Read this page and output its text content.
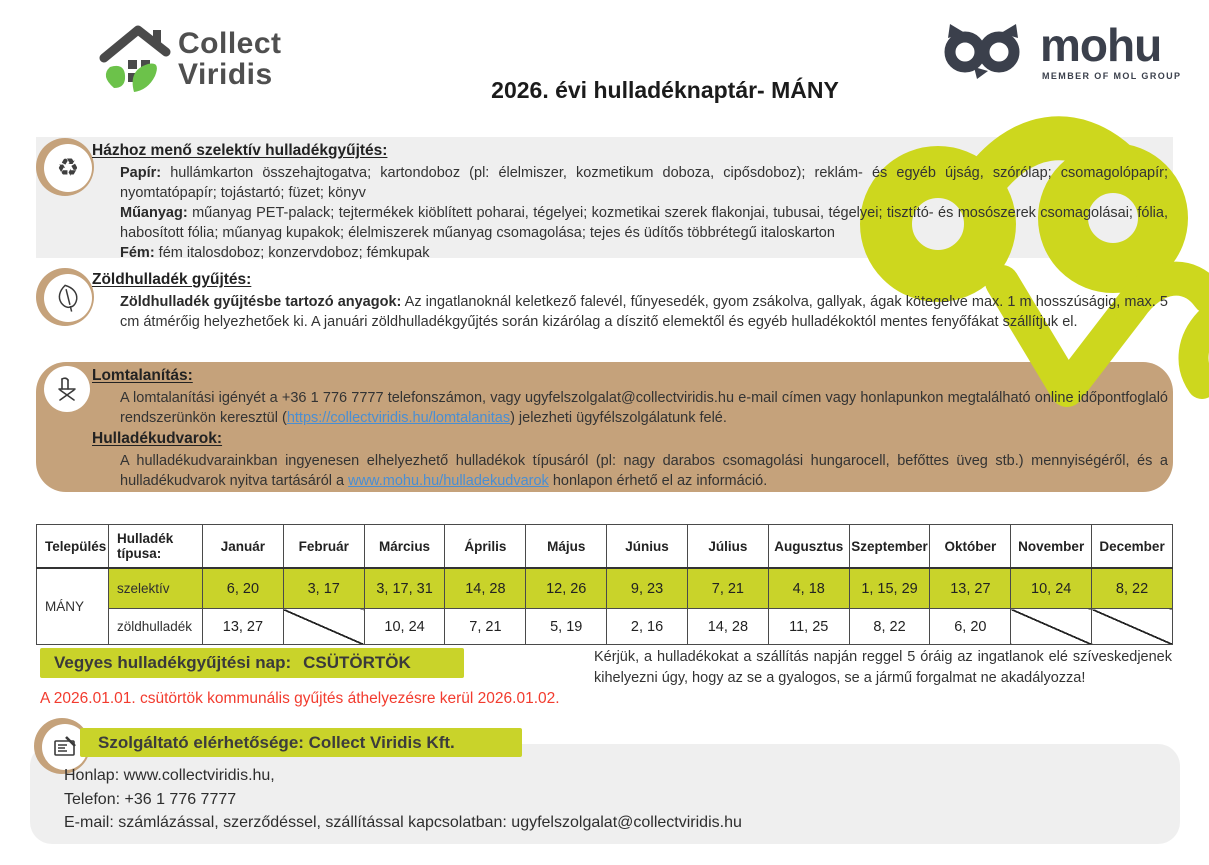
Collect
Viridis	2026. évi hulladéknaptár- MÁNY
mohu
MEMBER OF MOL GROUP
♻
Házhoz menő szelektív hulladékgyűjtés:

Papír: hullámkarton összehajtogatva; kartondoboz (pl: élelmiszer, kozmetikum doboza, cipősdoboz); reklám- és egyéb újság, szórólap; csomagolópapír; nyomtatópapír; tojástartó; füzet; könyv

Műanyag: műanyag PET-palack; tejtermékek kiöblített poharai, tégelyei; kozmetikai szerek flakonjai, tubusai, tégelyei; tisztító- és mosószerek csomagolásai; fólia, habosított fólia; műanyag kupakok; élelmiszerek műanyag csomagolása; tejes és üdítős többrétegű italoskarton

Fém: fém italosdoboz; konzervdoboz; fémkupak

Zöldhulladék gyűjtés:

Zöldhulladék gyűjtésbe tartozó anyagok: Az ingatlanoknál keletkező falevél, fűnyesedék, gyom zsákolva, gallyak, ágak kötegelve max. 1 m hosszúságig, max. 5 cm átmérőig helyezhetőek ki. A januári zöldhulladékgyűjtés során kizárólag a díszitő elemektől és egyéb hulladékoktól mentes fenyőfákat szállítjuk el.

Lomtalanítás:

A lomtalanítási igényét a +36 1 776 7777 telefonszámon, vagy ugyfelszolgalat@collectviridis.hu e-mail címen vagy honlapunkon megtalálható online időpontfoglaló rendszerünkön keresztül (https://collectviridis.hu/lomtalanitas) jelezheti ügyfélszolgálatunk felé.

Hulladékudvarok:

A hulladékudvarainkban ingyenesen elhelyezhető hulladékok típusáról (pl: nagy darabos csomagolási hungarocell, befőttes üveg stb.) mennyiségéről, és a hulladékudvarok nyitva tartásáról a www.mohu.hu/hulladekudvarok honlapon érhető el az információ.

Település	Hulladék típusa:	Január	Február	Március	Április	Május	Június	Július	Augusztus	Szeptember	Október	November	December
MÁNY	szelektív	6, 20	3, 17	3, 17, 31	14, 28	12, 26	9, 23	7, 21	4, 18	1, 15, 29	13, 27	10, 24	8, 22
	zöldhulladék	13, 27		10, 24	7, 21	5, 19	2, 16	14, 28	11, 25	8, 22	6, 20		
Vegyes hulladékgyűjtési nap: CSÜTÖRTÖK
A 2026.01.01. csütörtök kommunális gyűjtés áthelyezésre kerül 2026.01.02.
Kérjük, a hulladékokat a szállítás napján reggel 5 óráig az ingatlanok elé szíveskedjenek kihelyezni úgy, hogy az se a gyalogos, se a jármű forgalmat ne akadályozza!
Szolgáltató elérhetősége: Collect Viridis Kft.
Honlap: www.collectviridis.hu,
Telefon: +36 1 776 7777
E-mail: számlázással, szerződéssel, szállítással kapcsolatban: ugyfelszolgalat@collectviridis.hu
